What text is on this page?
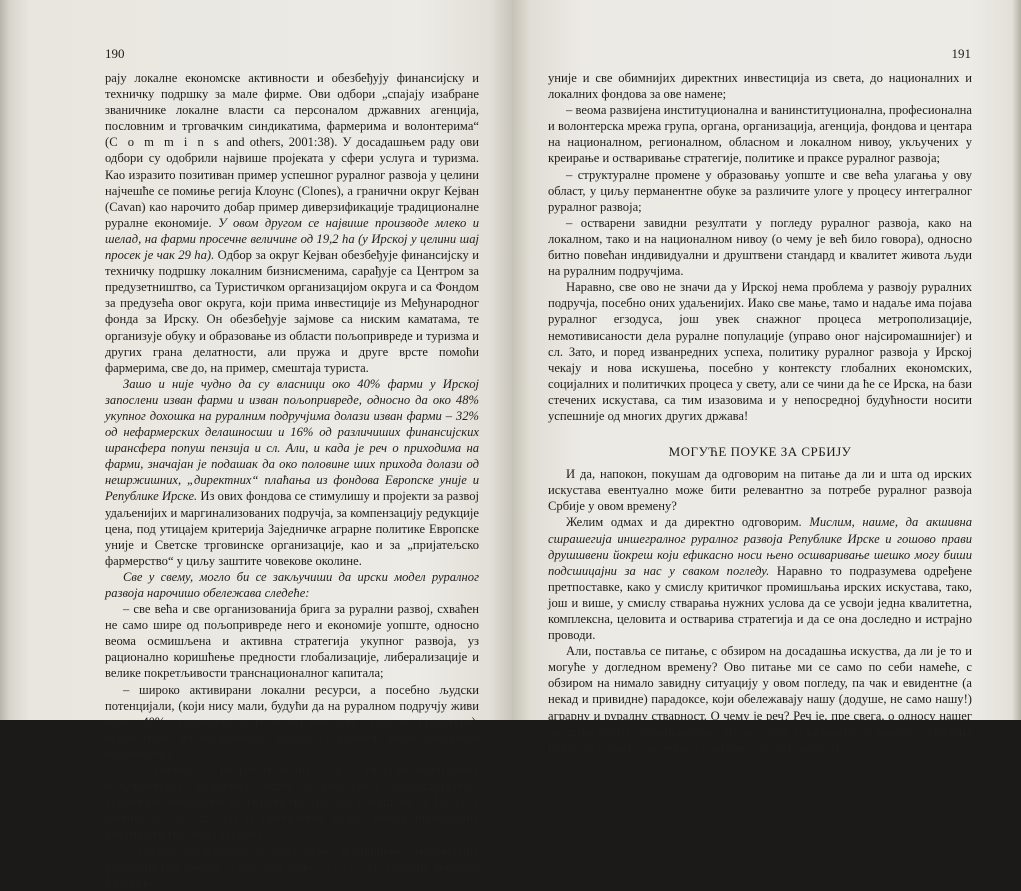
190

рају локалне економске активности и обезбеђују финансијску и техничку подршку за мале фирме. Ови одбори „спајају изабране званичнике локалне власти са персоналом државних агенција, пословним и трговачким синдикатима, фармерима и волонтерима“ (C o m m i n s and others, 2001:38). У досадашњем раду ови одбори су одобрили највише пројеката у сфери услуга и туризма. Као изразито позитиван пример успешног руралног развоја у целини најчешће се помиње регија Клоунс (Clones), а гранични округ Кејван (Cavan) као нарочито добар пример диверзификације традиционалне руралне економије. У овом другом се највише производе млеко и шелад, на фарми просечне величине од 19,2 ha (у Ирској у целини шај просек је чак 29 ha). Одбор за округ Кејван обезбеђује финансијску и техничку подршку локалним бизнисменима, сарађује са Центром за предузетништво, са Туристичком организацијом округа и са Фондом за предузећа овог округа, који прима инвестиције из Међународног фонда за Ирску. Он обезбеђује зајмове са ниским каматама, те организује обуку и образовање из области пољопривреде и туризма и других грана делатности, али пружа и друге врсте помоћи фармерима, све до, на пример, смештаја туриста.

Зашо и није чудно да су власници око 40% фарми у Ирској запослени изван фарми и изван пољопривреде, односно да око 48% укупног дохошка на руралним подручјима долази изван фарми – 32% од нефармерских делашносши и 16% од различиших финансијских шрансфера попуш пензија и сл. Али, и када је реч о приходима на фарми, значајан је подашак да око половине ших прихода долази од нешржишних, „директних“ плаћања из фондова Европске уније и Републике Ирске. Из ових фондова се стимулишу и пројекти за развој удаљенијих и маргинализованих подручја, за компензацију редукције цена, под утицајем критерија Заједничке аграрне политике Европске уније и Светске трговинске организације, као и за „пријатељско фармерство“ у циљу заштите човекове околине.

Све у свему, могло би се закључиши да ирски модел руралног развоја нарочишо обележава следеће:

– све већа и све организованија брига за рурални развој, схваћен не само шире од пољопривреде него и економије уопште, односно веома осмишљена и активна стратегија укупног развоја, уз рационално коришћење предности глобализације, либерализације и велике покретљивости транснационалног капитала;

– широко активирани локални ресурси, а посебно људски потенцијали, (који нису мали, будући да на руралном подручју живи преко 40% становника и то веома повољне старосне структуре), првенствено на принципима широко схваћеног мултилатералног партнерства;

– увелико реструктурирана и (пост)модернизована пољопривреда, развијена општа и комунална инфраструктура, укрупњене површине на газдинству (просек површина за Ирску у целини је око 29 ha) и интензиван развој непољопривредних делатности (посебно туризма);

– снажно привлачење и рационално коришћење разноврсних финансијских извора за рурални развој – од структуралних фондова Европске

191

уније и све обимнијих директних инвестиција из света, до националних и локалних фондова за ове намене;

– веома развијена институционална и ванинституционална, професионална и волонтерска мрежа група, органа, организација, агенција, фондова и центара на националном, регионалном, обласном и локалном нивоу, укључених у креирање и остваривање стратегије, политике и праксе руралног развоја;

– структуралне промене у образовању уопште и све већа улагања у ову област, у циљу перманентне обуке за различите улоге у процесу интегралног руралног развоја;

– остварени завидни резултати у погледу руралног развоја, како на локалном, тако и на националном нивоу (о чему је већ било говора), односно битно повећан индивидуални и друштвени стандард и квалитет живота људи на руралним подручјима.

Наравно, све ово не значи да у Ирској нема проблема у развоју руралних подручја, посебно оних удаљенијих. Иако све мање, тамо и надаље има појава руралног егзодуса, још увек снажног процеса метрополизације, немотивисаности дела руралне популације (управо оног најсиромашнијег) и сл. Зато, и поред изванредних успеха, политику руралног развоја у Ирској чекају и нова искушења, посебно у контексту глобалних економских, социјалних и политичких процеса у свету, али се чини да ће се Ирска, на бази стечених искустава, са тим изазовима и у непосредној будућности носити успешније од многих других држава!

МОГУЋЕ ПОУКЕ ЗА СРБИЈУ

И да, напокон, покушам да одговорим на питање да ли и шта од ирских искустава евентуално може бити релевантно за потребе руралног развоја Србије у овом времену?

Желим одмах и да директно одговорим. Мислим, наиме, да акшивна сшрашегија иншегралног руралног развоја Републике Ирске и гошово прави друшшвени йокреш који ефикасно носи њено осшваривање шешко могу биши подсшицајни за нас у сваком погледу. Наравно то подразумева одређене претпоставке, како у смислу критичког промишљања ирских искустава, тако, још и више, у смислу стварања нужних услова да се усвоји једна квалитетна, комплексна, целовита и остварива стратегија и да се она доследно и истрајно проводи.

Али, поставља се питање, с обзиром на досадашња искуства, да ли је то и могуће у догледном времену? Ово питање ми се само по себи намеће, с обзиром на нимало завидну ситуацију у овом погледу, па чак и евидентне (а некад и привидне) парадоксе, који обележавају нашу (додуше, не само нашу!) аграрну и руралну стварност. О чему је реч? Реч је, пре свега, о односу нашег друштва према пољопривреди, аграру, селу и сељаштву и развоју руралних подручја уопште, посебно у поређењу са тим односом
